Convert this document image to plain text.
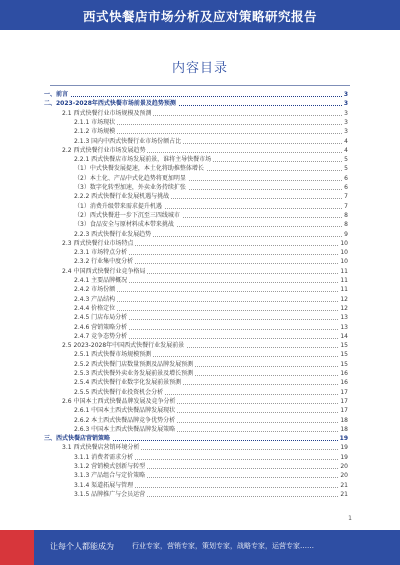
西式快餐店市场分析及应对策略研究报告
内容目录
一、前言	3
二、2023-2028年西式快餐市场前景及趋势预测	3
2.1 西式快餐行业市场规模及预测	3
2.1.1 市场现状	3
2.1.2 市场规模	3
2.1.3 国内中西式快餐行业市场份额占比	4
2.2 西式快餐行业市场发展趋势	4
2.2.1 西式快餐店市场发展前景，谁将主导快餐市场	5
（1）中式快餐发展提速，本土化将助推整体增长	5
（2）本土化、产品中式化趋势将更加明显	6
（3）数字化转型加速，外卖业务持续扩张	6
2.2.2 西式快餐行业发展机遇与挑战	7
（1）消费升级带来需求提升机遇	7
（2）西式快餐进一步下沉至三四线城市	8
（3）食品安全与原材料成本带来挑战	8
2.2.3 西式快餐行业发展趋势	9
2.3 西式快餐行业市场特点	10
2.3.1 市场特点分析	10
2.3.2 行业集中度分析	10
2.4 中国西式快餐行业竞争格局	11
2.4.1 主要品牌概况	11
2.4.2 市场份额	11
2.4.3 产品结构	12
2.4.4 价格定位	12
2.4.5 门店布局分析	13
2.4.6 营销策略分析	13
2.4.7 竞争态势分析	14
2.5 2023-2028年中国西式快餐行业发展前景	15
2.5.1 西式快餐市场规模预测	15
2.5.2 西式快餐门店数量预测及品牌发展预测	15
2.5.3 西式快餐外卖业务发展前景及增长预测	16
2.5.4 西式快餐行业数字化发展前景预测	16
2.5.5 西式快餐行业投资机会分析	17
2.6 中国本土西式快餐品牌发展及竞争分析	17
2.6.1 中国本土西式快餐品牌发展现状	17
2.6.2 本土西式快餐品牌竞争优势分析	18
2.6.3 中国本土西式快餐品牌发展策略	18
三、西式快餐店营销策略	19
3.1 西式快餐店营销环境分析	19
3.1.1 消费者需求分析	19
3.1.2 营销模式创新与转型	20
3.1.3 产品组合与定价策略	20
3.1.4 渠道拓展与管理	21
3.1.5 品牌推广与会员运营	21
1
让每个人都能成为	行业专家，营销专家，策划专家，战略专家，运营专家……
